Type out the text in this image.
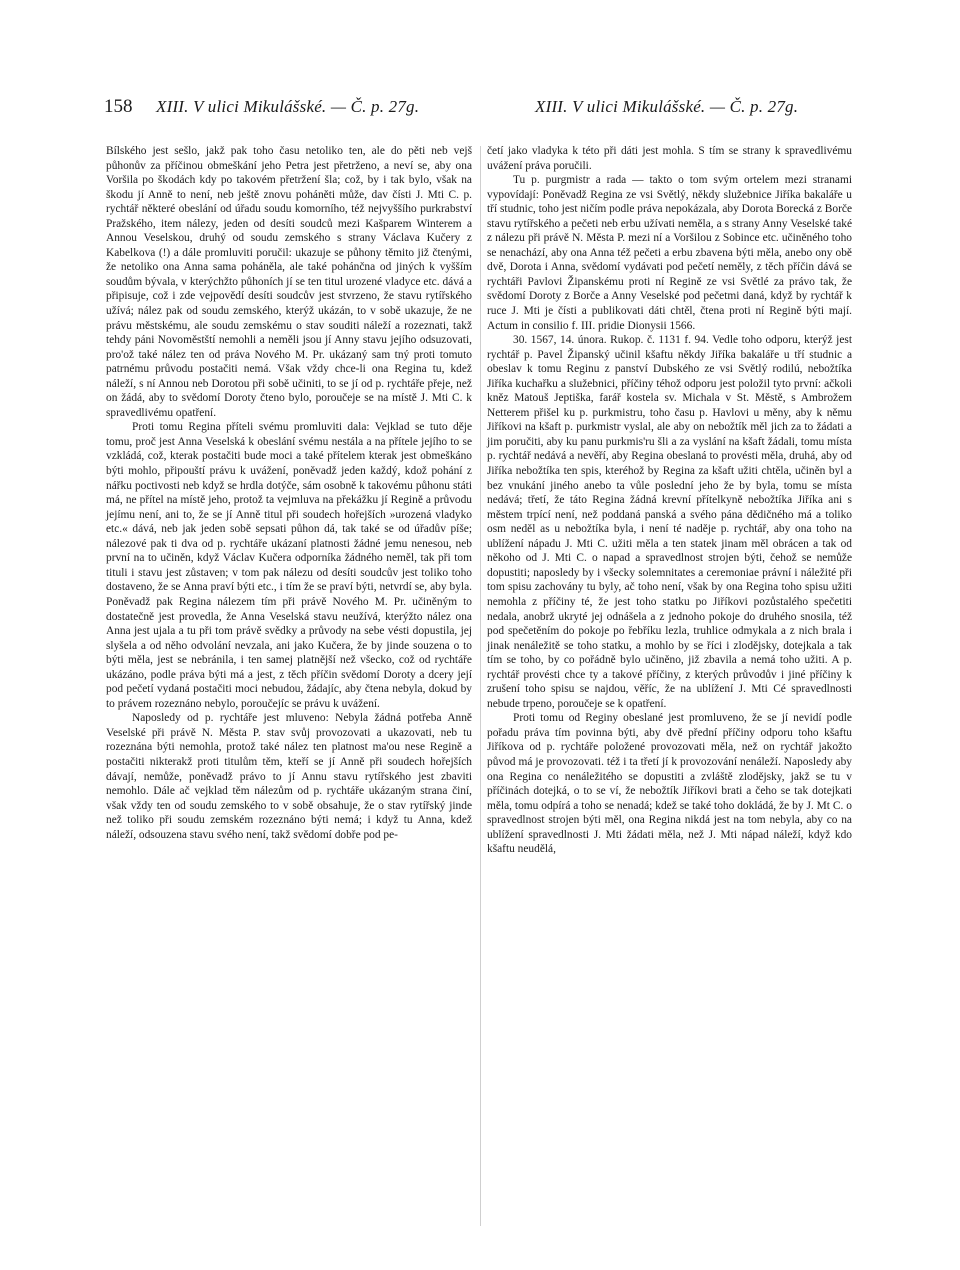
158 XIII. V ulici Mikulášské. — Č. p. 27g.	XIII. V ulici Mikulášské. — Č. p. 27g.

Bílského jest sešlo, jakž pak toho času netoliko ten, ale do pěti neb vejš půhonův za příčinou obmeškání jeho Petra jest přetrženo, a neví se, aby ona Voršila po škodách kdy po takovém přetržení šla; což, by i tak bylo, však na škodu jí Anně to není, neb ještě znovu poháněti může, dav čísti J. Mti C. p. rychtář některé obeslání od úřadu soudu komorního, též nejvyššího purkrabství Pražského, item nálezy, jeden od desíti soudců mezi Kašparem Winterem a Annou Veselskou, druhý od soudu zemského s strany Václava Kučery z Kabelkova (!) a dále promluviti poručil: ukazuje se půhony těmito již čtenými, že netoliko ona Anna sama poháněla, ale také pohánčna od jiných k vyšším soudům bývala, v kterýchžto půhoních jí se ten titul urozené vladyce etc. dává a připisuje, což i zde vejpovědí desíti soudcův jest stvrzeno, že stavu rytířského užívá; nález pak od soudu zemského, kterýž ukázán, to v sobě ukazuje, že ne právu městskému, ale soudu zemskému o stav souditi náleží a rozeznati, takž tehdy páni Novoměstští nemohli a neměli jsou jí Anny stavu jejího odsuzovati, pro'ož také nález ten od práva Nového M. Pr. ukázaný sam tný proti tomuto patrnému průvodu postačiti nemá. Však vždy chce-li ona Regina tu, kdež náleží, s ní Annou neb Dorotou při sobě učiniti, to se jí od p. rychtáře přeje, než on žádá, aby to svědomí Doroty čteno bylo, poroučeje se na místě J. Mti C. k spravedlivému opatření.

Proti tomu Regina příteli svému promluviti dala: Vejklad se tuto děje tomu, proč jest Anna Veselská k obeslání svému nestála a na přítele jejího to se vzkládá, což, kterak postačiti bude moci a také přítelem kterak jest obmeškáno býti mohlo, připouští právu k uvážení, poněvadž jeden každý, kdož pohání z nářku poctivosti neb když se hrdla dotýče, sám osobně k takovému půhonu státi má, ne přítel na místě jeho, protož ta vejmluva na překážku jí Regině a průvodu jejímu není, ani to, že se jí Anně titul při soudech hořejších »urozená vladyko etc.« dává, neb jak jeden sobě sepsati půhon dá, tak také se od úřadův píše; nálezové pak ti dva od p. rychtáře ukázaní platnosti žádné jemu nenesou, neb první na to učiněn, když Václav Kučera odporníka žádného neměl, tak při tom tituli i stavu jest zůstaven; v tom pak nálezu od desíti soudcův jest toliko toho dostaveno, že se Anna praví býti etc., i tím že se praví býti, netvrdí se, aby byla. Poněvadž pak Regina nálezem tím při právě Nového M. Pr. učiněným to dostatečně jest provedla, že Anna Veselská stavu neužívá, kterýžto nález ona Anna jest ujala a tu při tom právě svědky a průvody na sebe vésti dopustila, jej slyšela a od něho odvolání nevzala, ani jako Kučera, že by jinde souzena o to býti měla, jest se nebránila, i ten samej platnější než všecko, což od rychtáře ukázáno, podle práva býti má a jest, z těch příčin svědomí Doroty a dcery její pod pečetí vydaná postačiti moci nebudou, žádajíc, aby čtena nebyla, dokud by to právem rozeznáno nebylo, poroučejíc se právu k uvážení.

Naposledy od p. rychtáře jest mluveno: Nebyla žádná potřeba Anně Veselské při právě N. Města P. stav svůj provozovati a ukazovati, neb tu rozeznána býti nemohla, protož také nález ten platnost ma'ou nese Regině a postačiti nikterakž proti titulům těm, kteří se jí Anně při soudech hořejších dávají, nemůže, poněvadž právo to jí Annu stavu rytířského jest zbaviti nemohlo. Dále ač vejklad těm nálezům od p. rychtáře ukázaným strana činí, však vždy ten od soudu zemského to v sobě obsahuje, že o stav rytířský jinde než toliko při soudu zemském rozeznáno býti nemá; i když tu Anna, kdež náleží, odsouzena stavu svého není, takž svědomí dobře pod pe-

četí jako vladyka k této při dáti jest mohla. S tím se strany k spravedlivému uvážení práva poručili.

Tu p. purgmistr a rada — takto o tom svým ortelem mezi stranami vypovídají: Poněvadž Regina ze vsi Světlý, někdy služebnice Jiříka bakaláře u tří studnic, toho jest ničím podle práva nepokázala, aby Dorota Borecká z Borče stavu rytířského a pečeti neb erbu užívati neměla, a s strany Anny Veselské také z nálezu při právě N. Města P. mezi ní a Voršilou z Sobince etc. učiněného toho se nenachází, aby ona Anna též pečeti a erbu zbavena býti měla, anebo ony obě dvě, Dorota i Anna, svědomí vydávati pod pečetí neměly, z těch příčin dává se rychtáři Pavlovi Žipanskému proti ní Regině ze vsi Světlé za právo tak, že svědomí Doroty z Borče a Anny Veselské pod pečetmi daná, když by rychtář k ruce J. Mti je čísti a publikovati dáti chtěl, čtena proti ní Regině býti mají. Actum in consilio f. III. pridie Dionysii 1566.

30. 1567, 14. února. Rukop. č. 1131 f. 94. Vedle toho odporu, kterýž jest rychtář p. Pavel Žipanský učinil kšaftu někdy Jiříka bakaláře u tří studnic a obeslav k tomu Reginu z panství Dubského ze vsi Světlý rodilú, nebožtíka Jiříka kuchařku a služebnici, příčiny téhož odporu jest položil tyto první: ačkoli kněz Matouš Jeptiška, farář kostela sv. Michala v St. Městě, s Ambrožem Netterem přišel ku p. purkmistru, toho času p. Havlovi u měny, aby k němu Jiříkovi na kšaft p. purkmistr vyslal, ale aby on nebožtík měl jich za to žádati a jim poručiti, aby ku panu purkmis'ru šli a za vyslání na kšaft žádali, tomu místa p. rychtář nedává a nevěří, aby Regina obeslaná to provésti měla, druhá, aby od Jiříka nebožtíka ten spis, kteréhož by Regina za kšaft užiti chtěla, učiněn byl a bez vnukání jiného anebo ta vůle poslední jeho že by byla, tomu se místa nedává; třetí, že táto Regina žádná krevní přítelkyně nebožtíka Jiříka ani s městem trpící není, než poddaná panská a svého pána dědičného má a toliko osm neděl as u nebožtíka byla, i není té naděje p. rychtář, aby ona toho na ublížení nápadu J. Mti C. užiti měla a ten statek jinam měl obrácen a tak od někoho od J. Mti C. o napad a spravedlnost strojen býti, čehož se nemůže dopustiti; naposledy by i všecky solemnitates a ceremoniae právní i náležité při tom spisu zachovány tu byly, ač toho není, však by ona Regina toho spisu užiti nemohla z příčiny té, že jest toho statku po Jiříkovi pozůstalého spečetiti nedala, anobrž ukryté jej odnášela a z jednoho pokoje do druhého snosila, též pod spečetěním do pokoje po řebříku lezla, truhlice odmykala a z nich brala i jinak nenáležitě se toho statku, a mohlo by se říci i zlodějsky, dotejkala a tak tím se toho, by co pořádně bylo učiněno, již zbavila a nemá toho užiti. A p. rychtář provésti chce ty a takové příčiny, z kterých průvodův i jiné příčiny k zrušení toho spisu se najdou, věříc, že na ublížení J. Mti Cé spravedlnosti nebude trpeno, poroučeje se k opatření.

Proti tomu od Reginy obeslané jest promluveno, že se jí nevidí podle pořadu práva tím povinna býti, aby dvě přední příčiny odporu toho kšaftu Jiříkova od p. rychtáře položené provozovati měla, než on rychtář jakožto původ má je provozovati. též i ta třetí jí k provozování nenáleží. Naposledy aby ona Regina co nenáležitého se dopustiti a zvláště zlodějsky, jakž se tu v příčinách dotejká, o to se ví, že nebožtík Jiříkovi brati a čeho se tak dotejkati měla, tomu odpírá a toho se nenadá; kdež se také toho dokládá, že by J. Mt C. o spravedlnost strojen býti měl, ona Regina nikdá jest na tom nebyla, aby co na ublížení spravedlnosti J. Mti žádati měla, než J. Mti nápad náleží, když kdo kšaftu neudělá,
